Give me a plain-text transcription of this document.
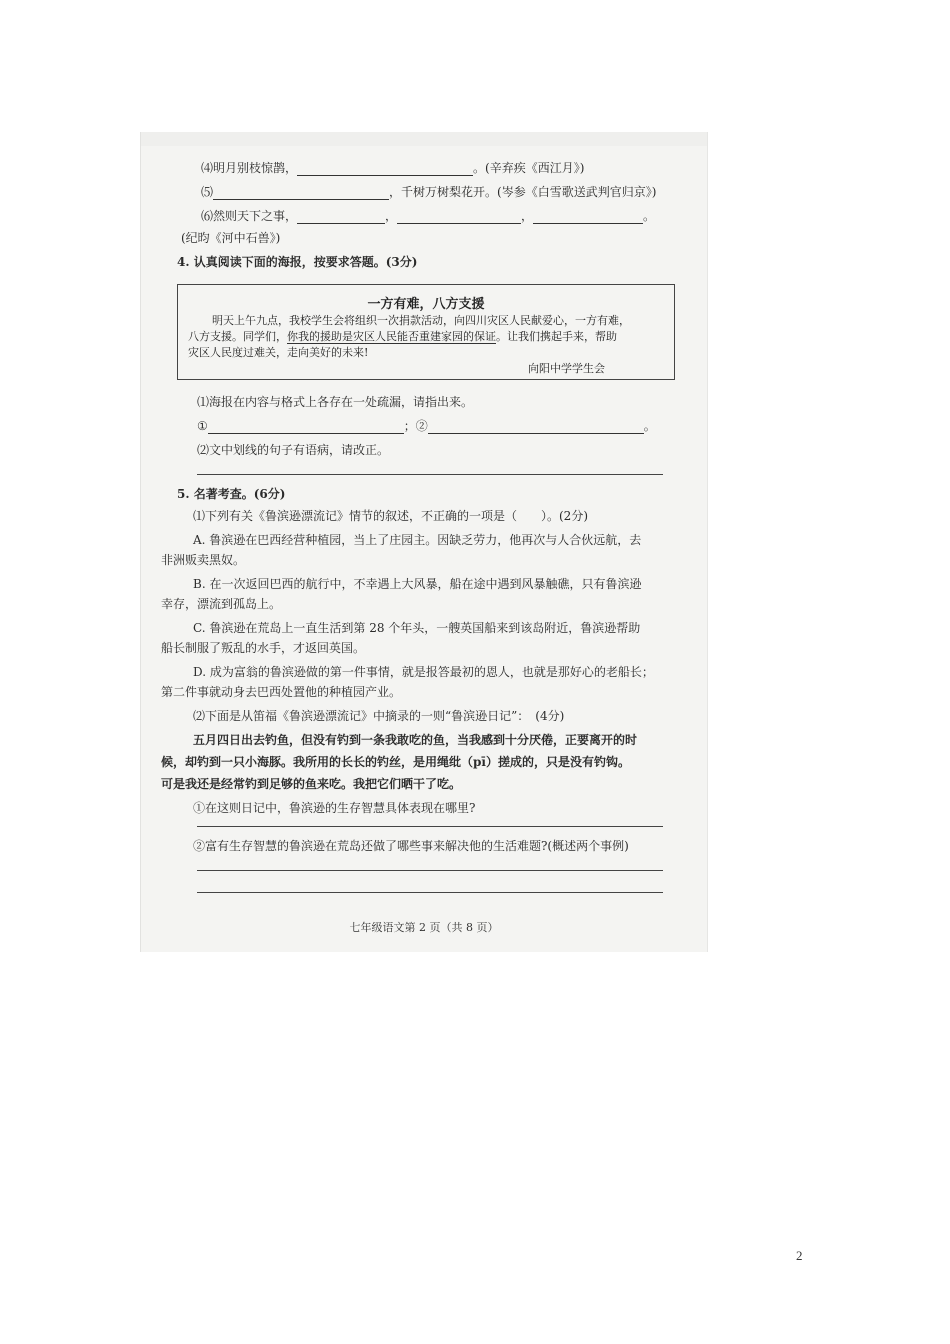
⑷明月别枝惊鹊，	。(辛弃疾《西江月》)
⑸	，千树万树梨花开。(岑参《白雪歌送武判官归京》)
⑹然则天下之事，	，	，	。
(纪昀《河中石兽》)
4. 认真阅读下面的海报，按要求答题。(3分)
一方有难，八方支援
明天上午九点，我校学生会将组织一次捐款活动，向四川灾区人民献爱心，一方有难，
八方支援。同学们，你我的援助是灾区人民能否重建家园的保证。让我们携起手来，帮助
灾区人民度过难关，走向美好的未来!
向阳中学学生会
⑴海报在内容与格式上各存在一处疏漏，请指出来。
①	；②	。
⑵文中划线的句子有语病，请改正。
5. 名著考查。(6分)
⑴下列有关《鲁滨逊漂流记》情节的叙述，不正确的一项是（　　）。(2分)
A. 鲁滨逊在巴西经营种植园，当上了庄园主。因缺乏劳力，他再次与人合伙远航，去
非洲贩卖黑奴。
B. 在一次返回巴西的航行中，不幸遇上大风暴，船在途中遇到风暴触礁，只有鲁滨逊
幸存，漂流到孤岛上。
C. 鲁滨逊在荒岛上一直生活到第 28 个年头，一艘英国船来到该岛附近，鲁滨逊帮助
船长制服了叛乱的水手，才返回英国。
D. 成为富翁的鲁滨逊做的第一件事情，就是报答最初的恩人，也就是那好心的老船长；
第二件事就动身去巴西处置他的种植园产业。
⑵下面是从笛福《鲁滨逊漂流记》中摘录的一则“鲁滨逊日记”：　(4分)
五月四日出去钓鱼，但没有钓到一条我敢吃的鱼，当我感到十分厌倦，正要离开的时
候，却钓到一只小海豚。我所用的长长的钓丝，是用绳纰（pī）搓成的，只是没有钓钩。
可是我还是经常钓到足够的鱼来吃。我把它们晒干了吃。
①在这则日记中，鲁滨逊的生存智慧具体表现在哪里?
②富有生存智慧的鲁滨逊在荒岛还做了哪些事来解决他的生活难题?(概述两个事例)
七年级语文第 2 页（共 8 页）
2
